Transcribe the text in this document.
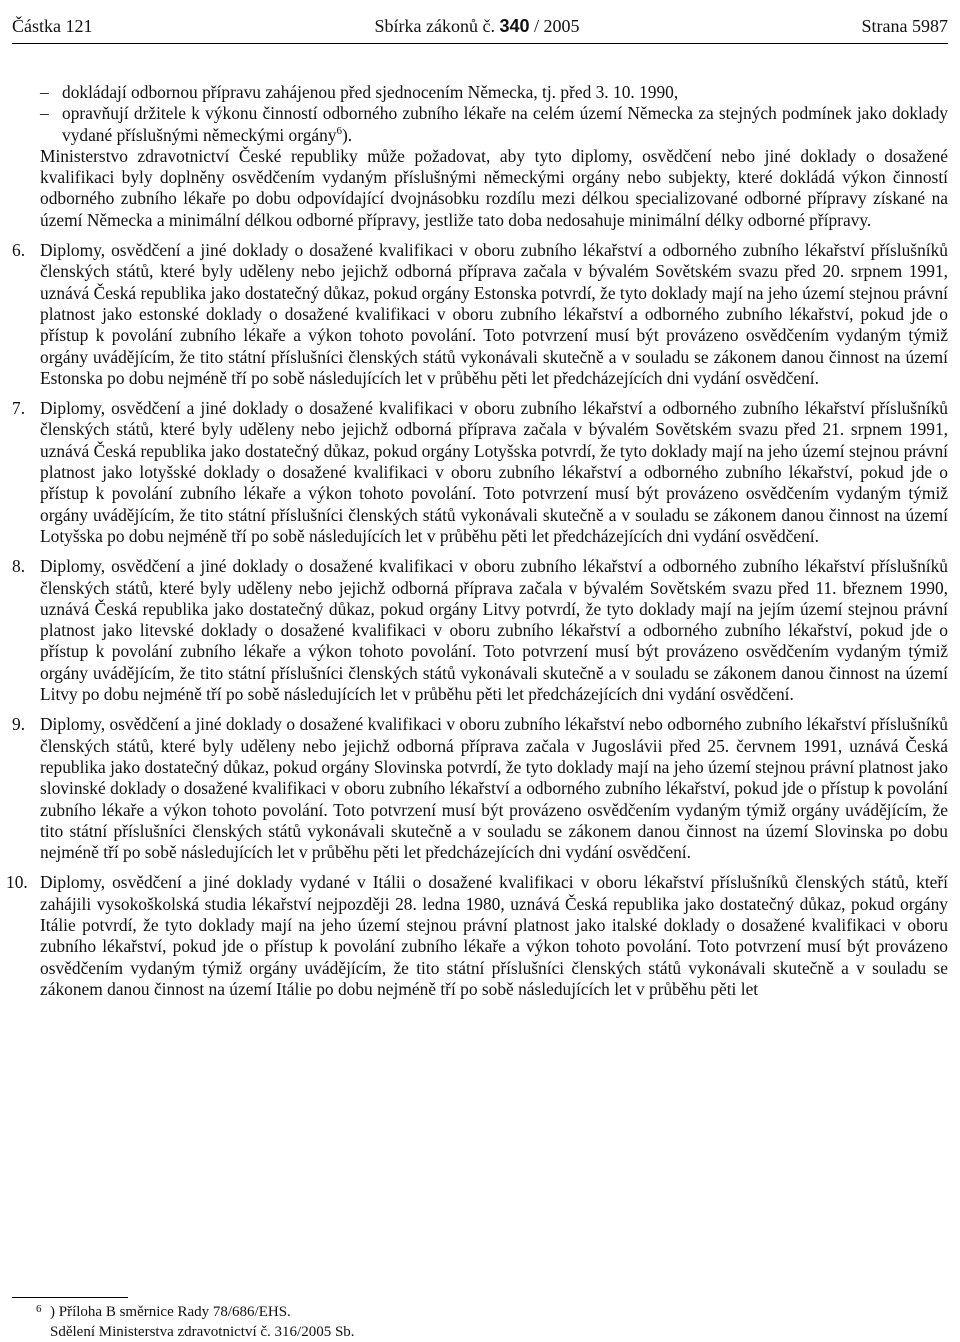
Částka 121	Sbírka zákonů č. 340 / 2005	Strana 5987
– dokládají odbornou přípravu zahájenou před sjednocením Německa, tj. před 3. 10. 1990,
– opravňují držitele k výkonu činností odborného zubního lékaře na celém území Německa za stejných podmínek jako doklady vydané příslušnými německými orgány$^6$).
Ministerstvo zdravotnictví České republiky může požadovat, aby tyto diplomy, osvědčení nebo jiné doklady o dosažené kvalifikaci byly doplněny osvědčením vydaným příslušnými německými orgány nebo subjekty, které dokládá výkon činností odborného zubního lékaře po dobu odpovídající dvojnásobku rozdílu mezi délkou specializované odborné přípravy získané na území Německa a minimální délkou odborné přípravy, jestliže tato doba nedosahuje minimální délky odborné přípravy.
6. Diplomy, osvědčení a jiné doklady o dosažené kvalifikaci v oboru zubního lékařství a odborného zubního lékařství příslušníků členských států, které byly uděleny nebo jejichž odborná příprava začala v bývalém Sovětském svazu před 20. srpnem 1991, uznává Česká republika jako dostatečný důkaz, pokud orgány Estonska potvrdí, že tyto doklady mají na jeho území stejnou právní platnost jako estonské doklady o dosažené kvalifikaci v oboru zubního lékařství a odborného zubního lékařství, pokud jde o přístup k povolání zubního lékaře a výkon tohoto povolání. Toto potvrzení musí být provázeno osvědčením vydaným týmiž orgány uvádějícím, že tito státní příslušníci členských států vykonávali skutečně a v souladu se zákonem danou činnost na území Estonska po dobu nejméně tří po sobě následujících let v průběhu pěti let předcházejících dni vydání osvědčení.
7. Diplomy, osvědčení a jiné doklady o dosažené kvalifikaci v oboru zubního lékařství a odborného zubního lékařství příslušníků členských států, které byly uděleny nebo jejichž odborná příprava začala v bývalém Sovětském svazu před 21. srpnem 1991, uznává Česká republika jako dostatečný důkaz, pokud orgány Lotyšska potvrdí, že tyto doklady mají na jeho území stejnou právní platnost jako lotyšské doklady o dosažené kvalifikaci v oboru zubního lékařství a odborného zubního lékařství, pokud jde o přístup k povolání zubního lékaře a výkon tohoto povolání. Toto potvrzení musí být provázeno osvědčením vydaným týmiž orgány uvádějícím, že tito státní příslušníci členských států vykonávali skutečně a v souladu se zákonem danou činnost na území Lotyšska po dobu nejméně tří po sobě následujících let v průběhu pěti let předcházejících dni vydání osvědčení.
8. Diplomy, osvědčení a jiné doklady o dosažené kvalifikaci v oboru zubního lékařství a odborného zubního lékařství příslušníků členských států, které byly uděleny nebo jejichž odborná příprava začala v bývalém Sovětském svazu před 11. březnem 1990, uznává Česká republika jako dostatečný důkaz, pokud orgány Litvy potvrdí, že tyto doklady mají na jejím území stejnou právní platnost jako litevské doklady o dosažené kvalifikaci v oboru zubního lékařství a odborného zubního lékařství, pokud jde o přístup k povolání zubního lékaře a výkon tohoto povolání. Toto potvrzení musí být provázeno osvědčením vydaným týmiž orgány uvádějícím, že tito státní příslušníci členských států vykonávali skutečně a v souladu se zákonem danou činnost na území Litvy po dobu nejméně tří po sobě následujících let v průběhu pěti let předcházejících dni vydání osvědčení.
9. Diplomy, osvědčení a jiné doklady o dosažené kvalifikaci v oboru zubního lékařství nebo odborného zubního lékařství příslušníků členských států, které byly uděleny nebo jejichž odborná příprava začala v Jugoslávii před 25. červnem 1991, uznává Česká republika jako dostatečný důkaz, pokud orgány Slovinska potvrdí, že tyto doklady mají na jeho území stejnou právní platnost jako slovinské doklady o dosažené kvalifikaci v oboru zubního lékařství a odborného zubního lékařství, pokud jde o přístup k povolání zubního lékaře a výkon tohoto povolání. Toto potvrzení musí být provázeno osvědčením vydaným týmiž orgány uvádějícím, že tito státní příslušníci členských států vykonávali skutečně a v souladu se zákonem danou činnost na území Slovinska po dobu nejméně tří po sobě následujících let v průběhu pěti let předcházejících dni vydání osvědčení.
10. Diplomy, osvědčení a jiné doklady vydané v Itálii o dosažené kvalifikaci v oboru lékařství příslušníků členských států, kteří zahájili vysokoškolská studia lékařství nejpozději 28. ledna 1980, uznává Česká republika jako dostatečný důkaz, pokud orgány Itálie potvrdí, že tyto doklady mají na jeho území stejnou právní platnost jako italské doklady o dosažené kvalifikaci v oboru zubního lékařství, pokud jde o přístup k povolání zubního lékaře a výkon tohoto povolání. Toto potvrzení musí být provázeno osvědčením vydaným týmiž orgány uvádějícím, že tito státní příslušníci členských států vykonávali skutečně a v souladu se zákonem danou činnost na území Itálie po dobu nejméně tří po sobě následujících let v průběhu pěti let
6 ) Příloha B směrnice Rady 78/686/EHS.
Sdělení Ministerstva zdravotnictví č. 316/2005 Sb.
